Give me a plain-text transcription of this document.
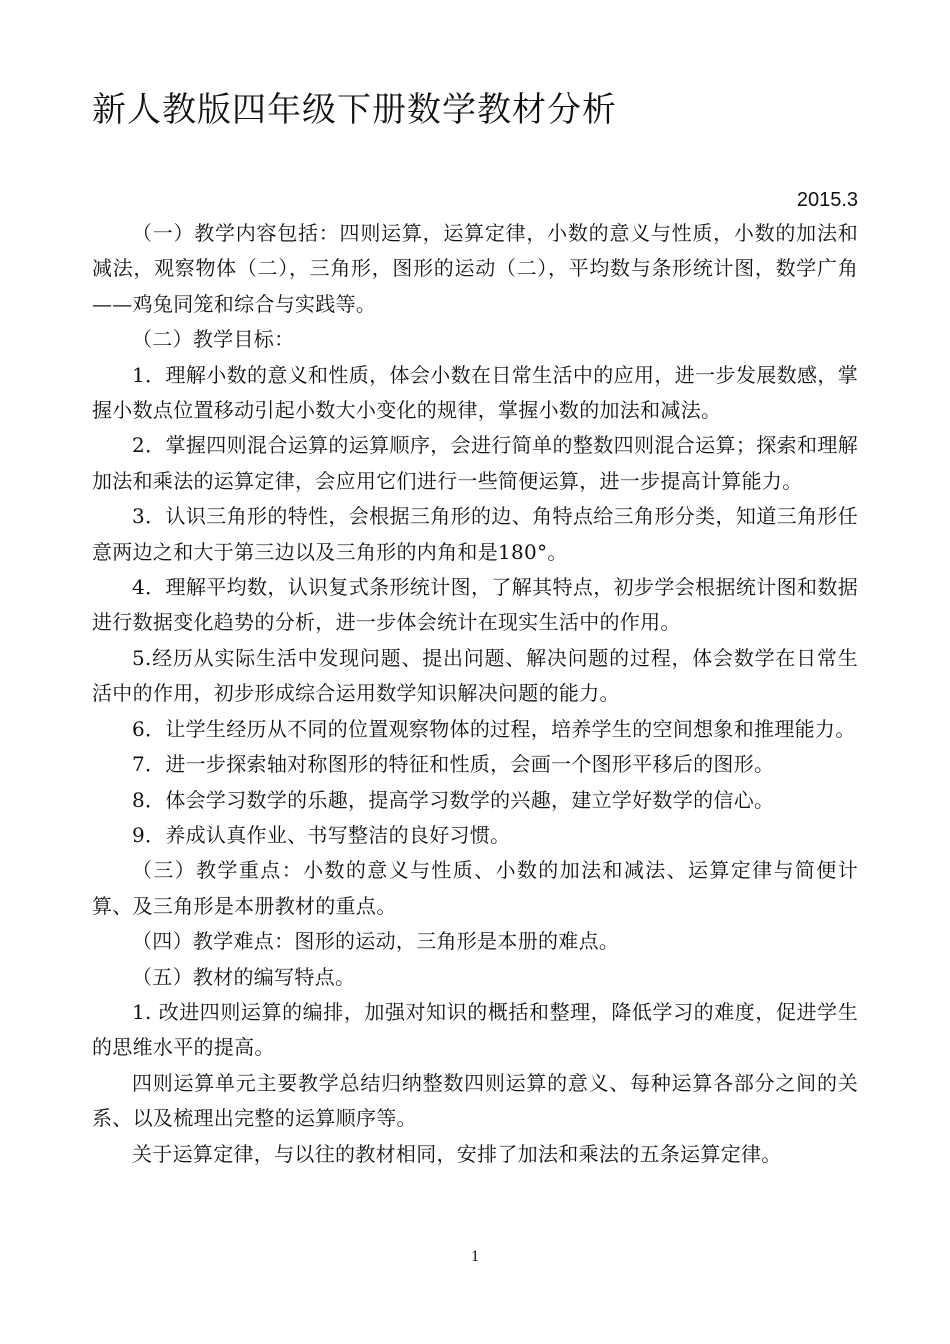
新人教版四年级下册数学教材分析
2015.3

（一）教学内容包括：四则运算，运算定律，小数的意义与性质，小数的加法和减法，观察物体（二），三角形，图形的运动（二），平均数与条形统计图，数学广角——鸡兔同笼和综合与实践等。

（二）教学目标：

1．理解小数的意义和性质，体会小数在日常生活中的应用，进一步发展数感，掌握小数点位置移动引起小数大小变化的规律，掌握小数的加法和减法。

2．掌握四则混合运算的运算顺序，会进行简单的整数四则混合运算；探索和理解加法和乘法的运算定律，会应用它们进行一些简便运算，进一步提高计算能力。

3．认识三角形的特性，会根据三角形的边、角特点给三角形分类，知道三角形任意两边之和大于第三边以及三角形的内角和是180°。

4．理解平均数，认识复式条形统计图，了解其特点，初步学会根据统计图和数据进行数据变化趋势的分析，进一步体会统计在现实生活中的作用。

5.经历从实际生活中发现问题、提出问题、解决问题的过程，体会数学在日常生活中的作用，初步形成综合运用数学知识解决问题的能力。

6．让学生经历从不同的位置观察物体的过程，培养学生的空间想象和推理能力。

7．进一步探索轴对称图形的特征和性质，会画一个图形平移后的图形。

8．体会学习数学的乐趣，提高学习数学的兴趣，建立学好数学的信心。

9．养成认真作业、书写整洁的良好习惯。

（三）教学重点：小数的意义与性质、小数的加法和减法、运算定律与简便计算、及三角形是本册教材的重点。

（四）教学难点：图形的运动，三角形是本册的难点。

（五）教材的编写特点。

1. 改进四则运算的编排，加强对知识的概括和整理，降低学习的难度，促进学生的思维水平的提高。

四则运算单元主要教学总结归纳整数四则运算的意义、每种运算各部分之间的关系、以及梳理出完整的运算顺序等。

关于运算定律，与以往的教材相同，安排了加法和乘法的五条运算定律。

1
